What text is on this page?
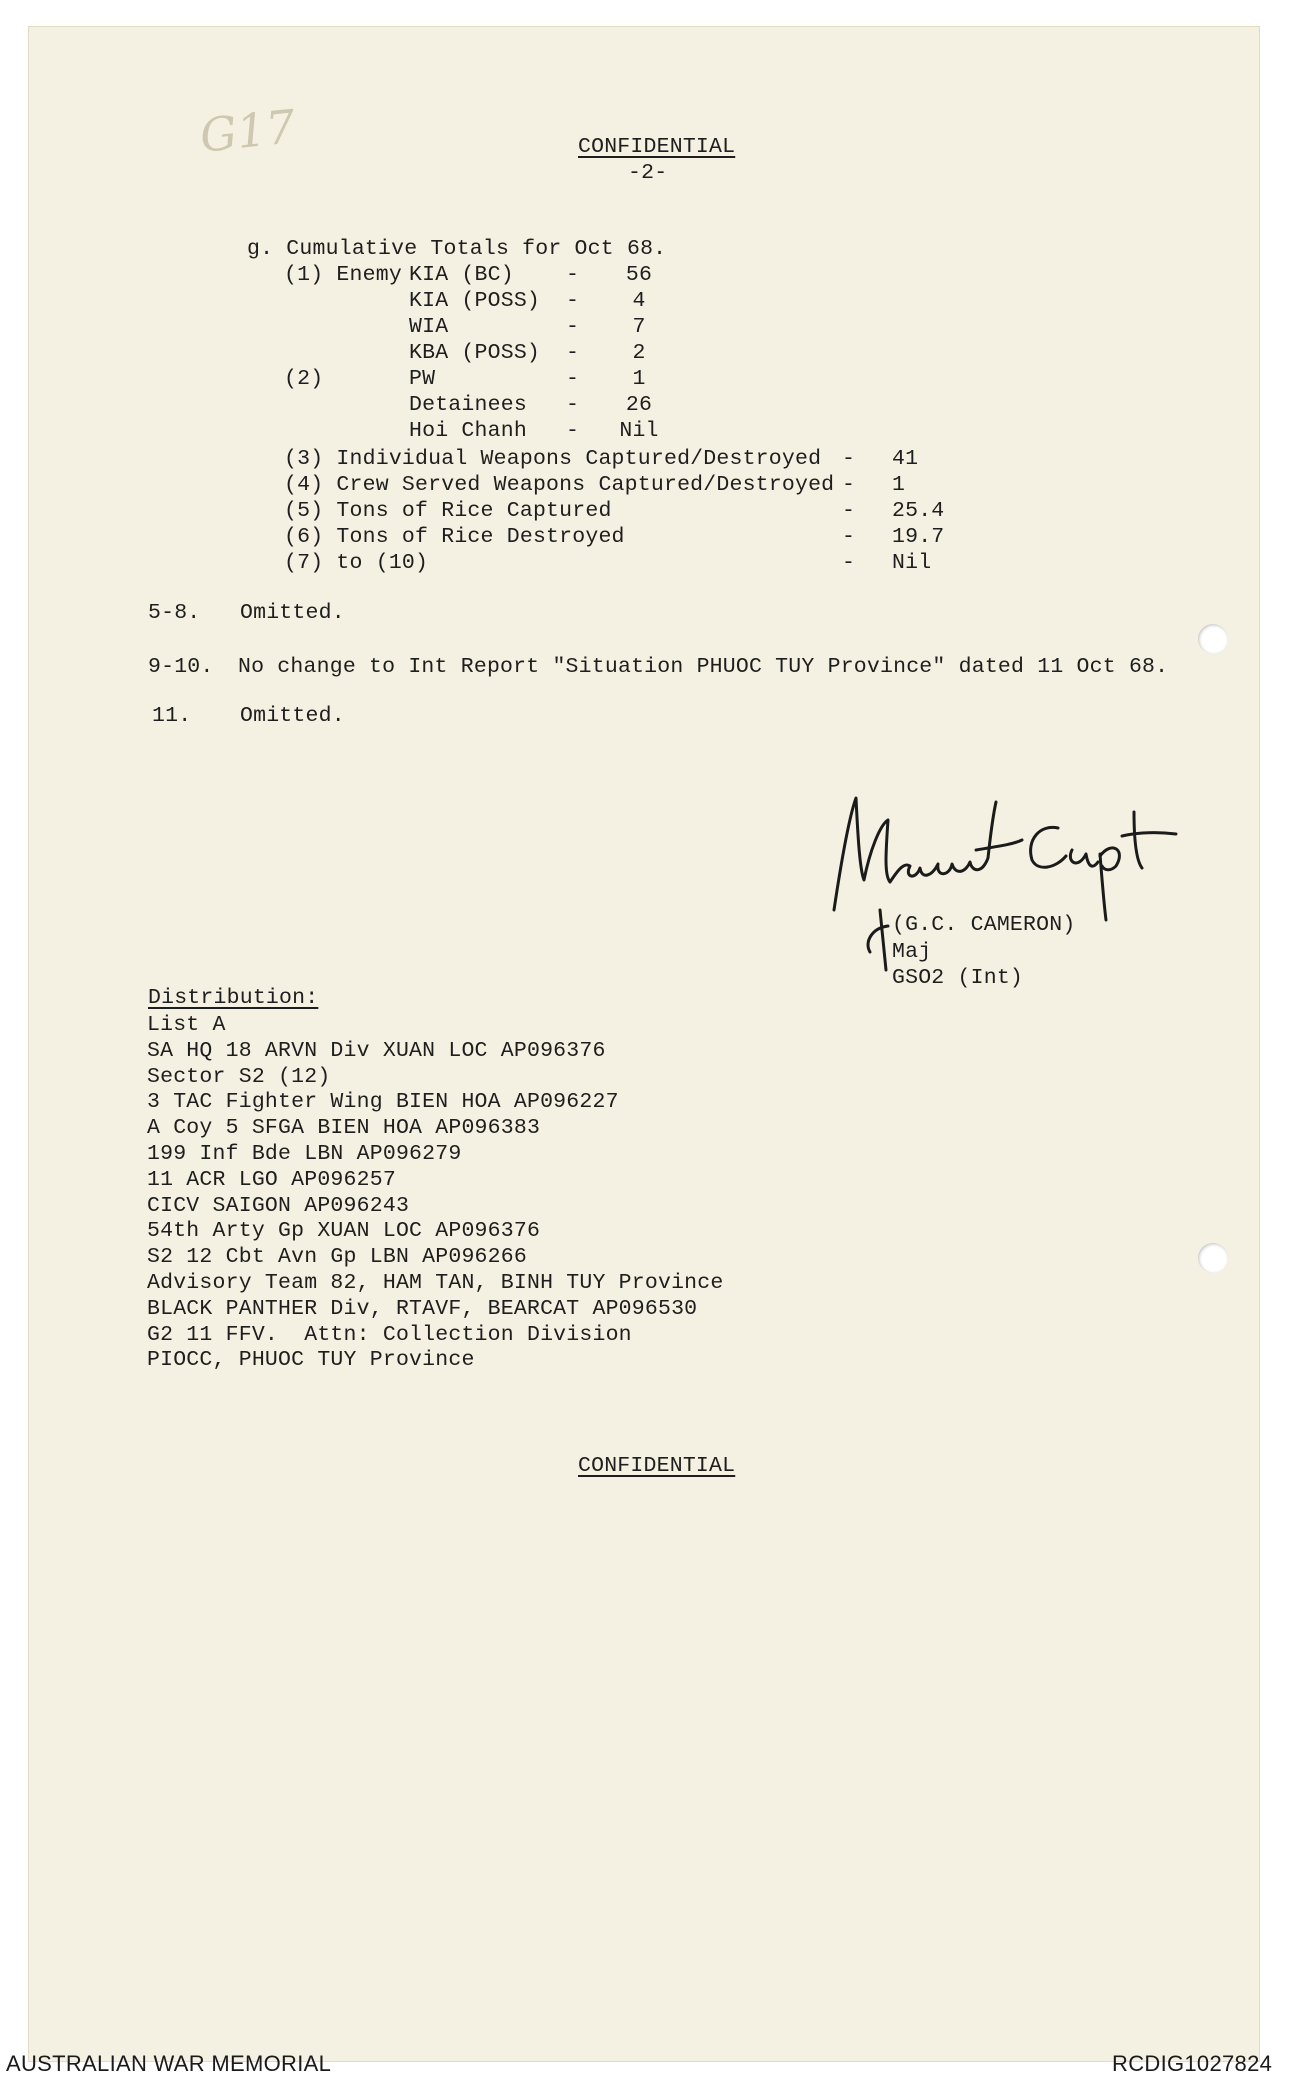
G17	CONFIDENTIAL
-2-
g. Cumulative Totals for Oct 68.
(1) Enemy KIA (BC) -	56
KIA (POSS) -	4
WIA	-	7
KBA (POSS) -	2
(2)	PW	-	1
Detainees -	26
Hoi Chanh - Nil
(3) Individual Weapons Captured/Destroyed - 41
(4) Crew Served Weapons Captured/Destroyed - 1
(5) Tons of Rice Captured	- 25.4
(6) Tons of Rice Destroyed	- 19.7
(7) to (10)	- Nil
5-8. Omitted.
9-10. No change to Int Report "Situation PHUOC TUY Province" dated 11 Oct 68.
11. Omitted.
(G.C. CAMERON)
Maj
GSO2 (Int)
Distribution:
List A
SA HQ 18 ARVN Div XUAN LOC AP096376
Sector S2 (12)
3 TAC Fighter Wing BIEN HOA AP096227
A Coy 5 SFGA BIEN HOA AP096383
199 Inf Bde LBN AP096279
11 ACR LGO AP096257
CICV SAIGON AP096243
54th Arty Gp XUAN LOC AP096376
S2 12 Cbt Avn Gp LBN AP096266
Advisory Team 82, HAM TAN, BINH TUY Province
BLACK PANTHER Div, RTAVF, BEARCAT AP096530
G2 11 FFV.  Attn: Collection Division
PIOCC, PHUOC TUY Province
CONFIDENTIAL
AUSTRALIAN WAR MEMORIAL	RCDIG1027824
